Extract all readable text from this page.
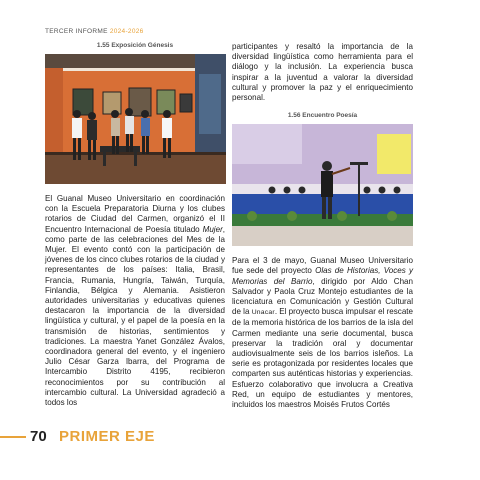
TERCER INFORME 2024-2026

1.55 Exposición Génesis

El Guanal Museo Universitario en coordinación con la Escuela Preparatoria Diurna y los clubes rotarios de Ciudad del Carmen, organizó el II Encuentro Internacional de Poesía titulado Mujer, como parte de las celebraciones del Mes de la Mujer. El evento contó con la participación de jóvenes de los cinco clubes rotarios de la ciudad y representantes de los países: Italia, Brasil, Francia, Rumania, Hungría, Taiwán, Turquía, Finlandia, Bélgica y Alemania. Asistieron autoridades universitarias y educativas quienes destacaron la importancia de la diversidad lingüística y cultural, y el papel de la poesía en la transmisión de historias, sentimientos y tradiciones. La maestra Yanet González Ávalos, coordinadora general del evento, y el ingeniero Julio César Garza Ibarra, del Programa de Intercambio Distrito 4195, recibieron reconocimientos por su contribución al intercambio cultural. La Universidad agradeció a todos los

participantes y resaltó la importancia de la diversidad lingüística como herramienta para el diálogo y la inclusión. La experiencia busca inspirar a la juventud a valorar la diversidad cultural y promover la paz y el enriquecimiento personal.

1.56 Encuentro Poesía

Para el 3 de mayo, Guanal Museo Universitario fue sede del proyecto Olas de Historias, Voces y Memorias del Barrio, dirigido por Aldo Chan Salvador y Paola Cruz Montejo estudiantes de la licenciatura en Comunicación y Gestión Cultural de la Unacar. El proyecto busca impulsar el rescate de la memoria histórica de los barrios de la isla del Carmen mediante una serie documental, busca preservar la tradición oral y documentar audiovisualmente seis de los barrios isleños. La serie es protagonizada por residentes locales que comparten sus auténticas historias y experiencias. Esfuerzo colaborativo que involucra a Creativa Red, un equipo de estudiantes y mentores, incluidos los maestros Moisés Frutos Cortés

70 PRIMER EJE
